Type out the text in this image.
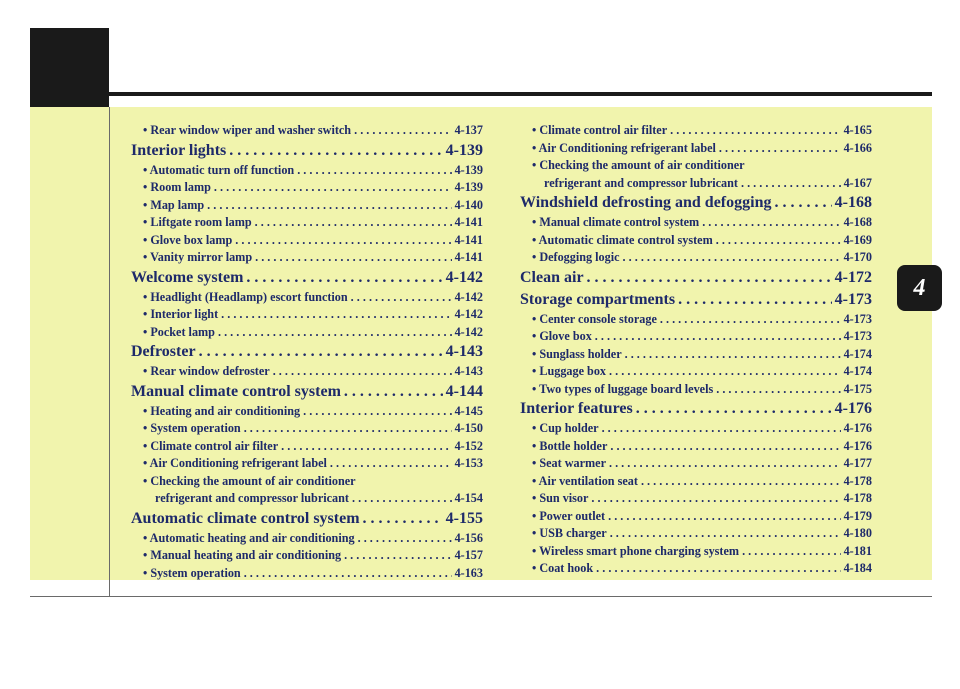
4
• Rear window wiper and washer switch . . .	4-137
Interior lights . . .	4-139
• Automatic turn off function . . .	4-139
• Room lamp . . .	4-139
• Map lamp . . .	4-140
• Liftgate room lamp . . .	4-141
• Glove box lamp . . .	4-141
• Vanity mirror lamp . . .	4-141
Welcome system . . .	4-142
• Headlight (Headlamp) escort function . . .	4-142
• Interior light . . .	4-142
• Pocket lamp . . .	4-142
Defroster . . .	4-143
• Rear window defroster . . .	4-143
Manual climate control system . . .	4-144
• Heating and air conditioning . . .	4-145
• System operation . . .	4-150
• Climate control air filter . . .	4-152
• Air Conditioning refrigerant label . . .	4-153
• Checking the amount of air conditioner
refrigerant and compressor lubricant . . .	4-154
Automatic climate control system . . .	4-155
• Automatic heating and air conditioning . . .	4-156
• Manual heating and air conditioning . . .	4-157
• System operation . . .	4-163
• Climate control air filter . . .	4-165
• Air Conditioning refrigerant label . . .	4-166
• Checking the amount of air conditioner
refrigerant and compressor lubricant . . .	4-167
Windshield defrosting and defogging . . .	4-168
• Manual climate control system . . .	4-168
• Automatic climate control system . . .	4-169
• Defogging logic . . .	4-170
Clean air . . .	4-172
Storage compartments . . .	4-173
• Center console storage . . .	4-173
• Glove box . . .	4-173
• Sunglass holder . . .	4-174
• Luggage box . . .	4-174
• Two types of luggage board levels . . .	4-175
Interior features . . .	4-176
• Cup holder . . .	4-176
• Bottle holder . . .	4-176
• Seat warmer . . .	4-177
• Air ventilation seat . . .	4-178
• Sun visor . . .	4-178
• Power outlet . . .	4-179
• USB charger . . .	4-180
• Wireless smart phone charging system . . .	4-181
• Coat hook . . .	4-184
